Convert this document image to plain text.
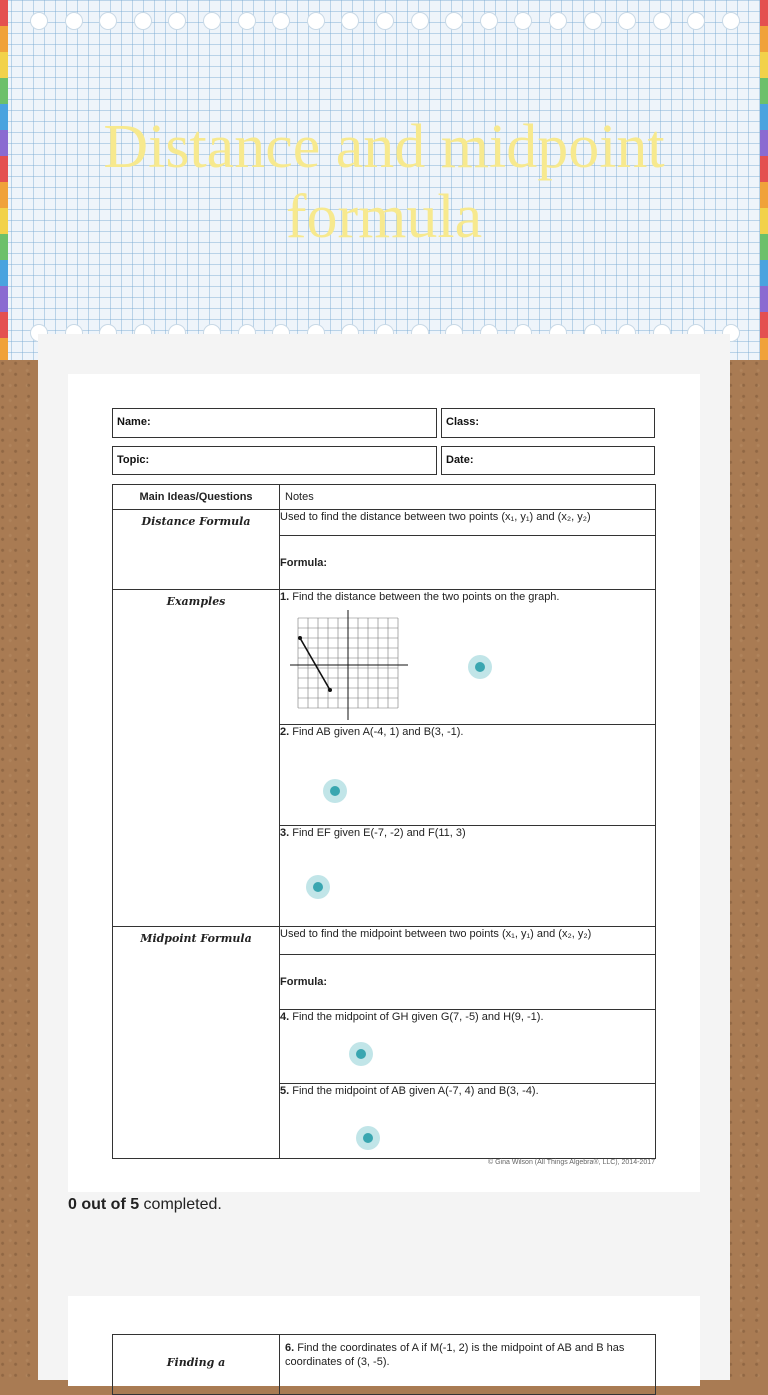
Distance and midpoint formula
Name:	Class:
Topic:	Date:
Main Ideas/Questions	Notes
Distance Formula	Used to find the distance between two points (x₁, y₁) and (x₂, y₂)
	Formula:
Examples	1. Find the distance between the two points on the graph.
	2. Find AB given A(-4, 1) and B(3, -1).
	3. Find EF given E(-7, -2) and F(11, 3)
Midpoint Formula	Used to find the midpoint between two points (x₁, y₁) and (x₂, y₂)
	Formula:
	4. Find the midpoint of GH given G(7, -5) and H(9, -1).
	5. Find the midpoint of AB given A(-7, 4) and B(3, -4).
© Gina Wilson (All Things Algebra®, LLC), 2014-2017
0 out of 5 completed.
Finding a	6. Find the coordinates of A if M(-1, 2) is the midpoint of AB and B has coordinates of (3, -5).
